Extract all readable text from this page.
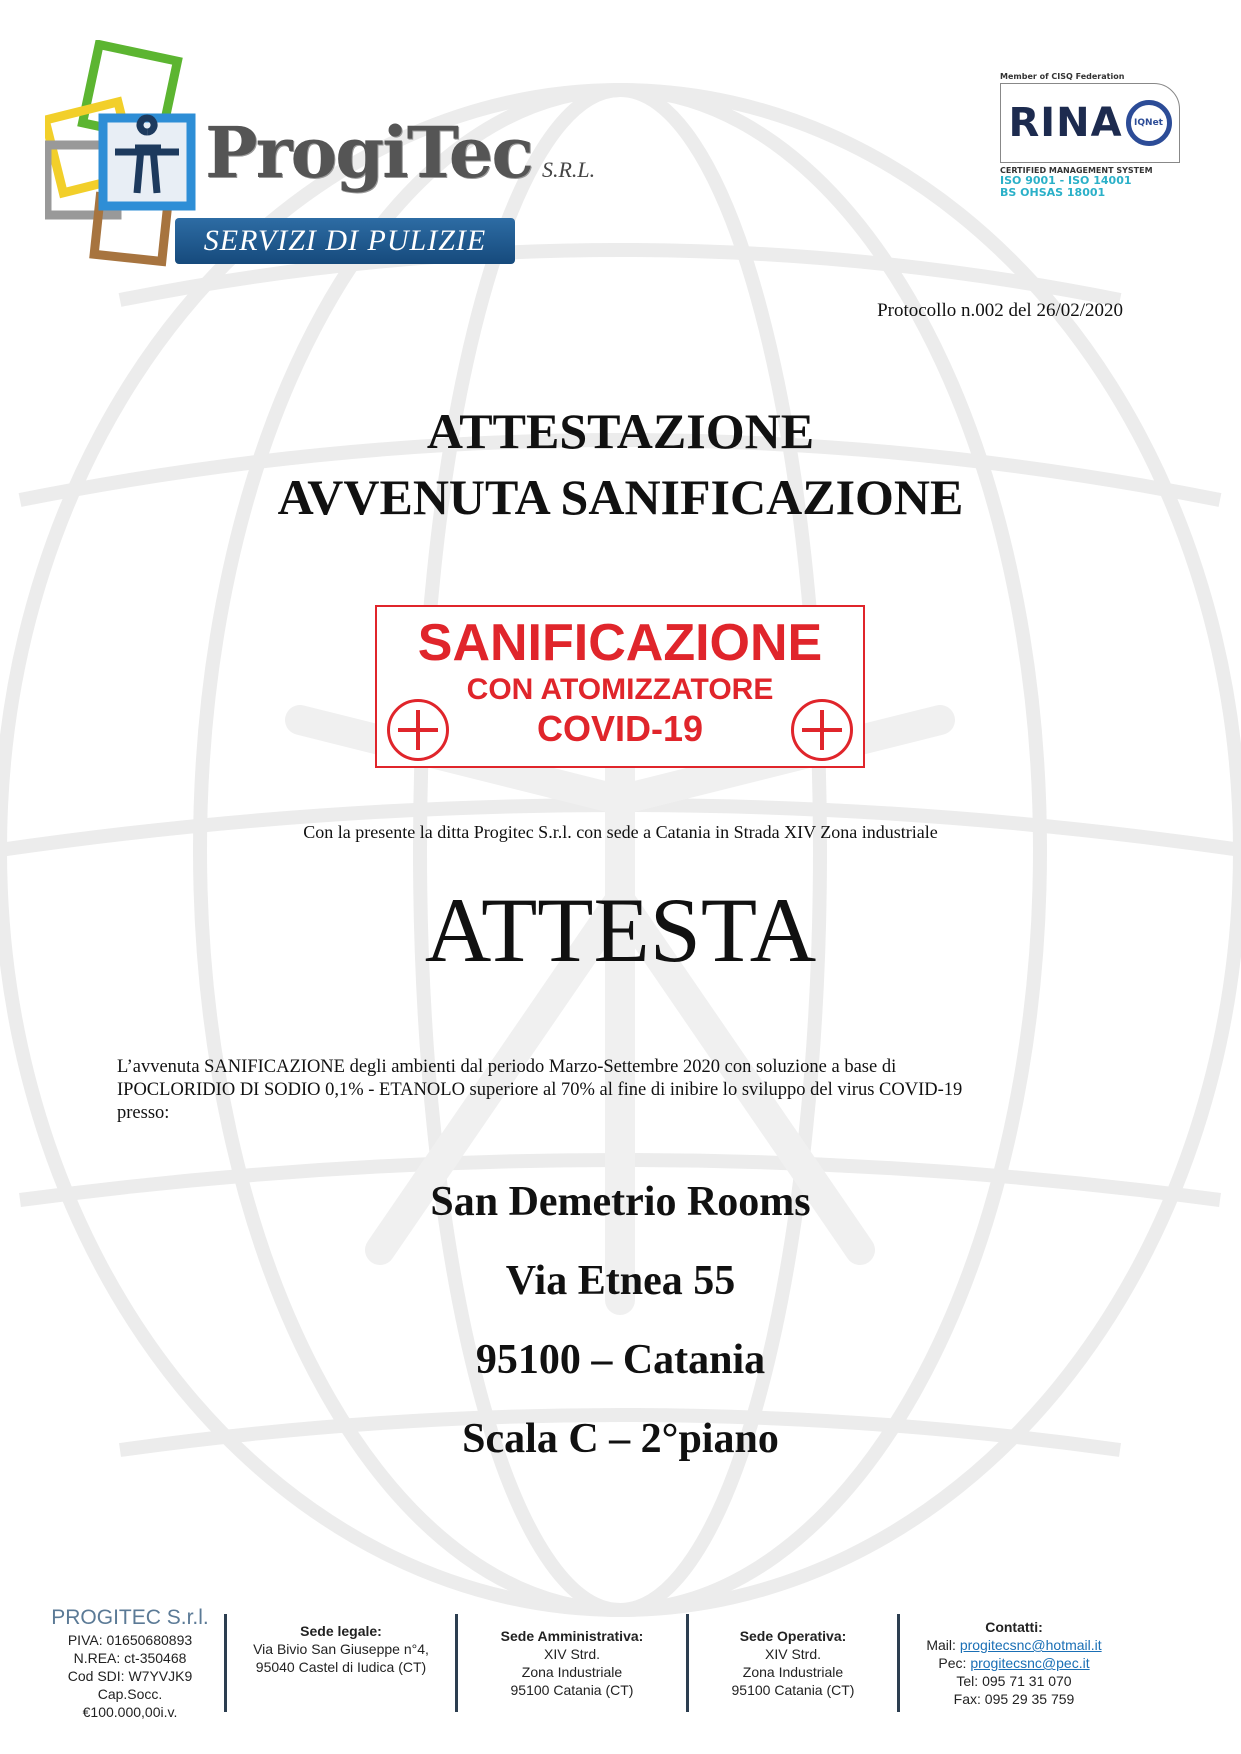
ProgiTec S.R.L.
SERVIZI DI PULIZIE
Member of CISQ Federation
RINA	IQNet
CERTIFIED MANAGEMENT SYSTEM
ISO 9001 - ISO 14001
BS OHSAS 18001
Protocollo n.002 del 26/02/2020
ATTESTAZIONE
AVVENUTA SANIFICAZIONE
SANIFICAZIONE
CON ATOMIZZATORE
COVID-19
Con la presente la ditta Progitec S.r.l. con sede a Catania in Strada XIV Zona industriale
ATTESTA
L’avvenuta SANIFICAZIONE degli ambienti dal periodo Marzo-Settembre 2020 con soluzione a base di
IPOCLORIDIO DI SODIO 0,1% - ETANOLO superiore al 70% al fine di inibire lo sviluppo del virus COVID-19
presso:
San Demetrio Rooms
Via Etnea 55
95100 – Catania
Scala C – 2°piano
PROGITEC S.r.l.
PIVA: 01650680893
N.REA: ct-350468
Cod SDI: W7YVJK9
Cap.Socc. €100.000,00i.v.
Sede legale:
Via Bivio San Giuseppe n°4,
95040 Castel di Iudica (CT)
Sede Amministrativa:
XIV Strd.
Zona Industriale
95100 Catania (CT)
Sede Operativa:
XIV Strd.
Zona Industriale
95100 Catania (CT)
Contatti:
Mail: progitecsnc@hotmail.it
Pec: progitecsnc@pec.it
Tel: 095 71 31 070
Fax: 095 29 35 759
